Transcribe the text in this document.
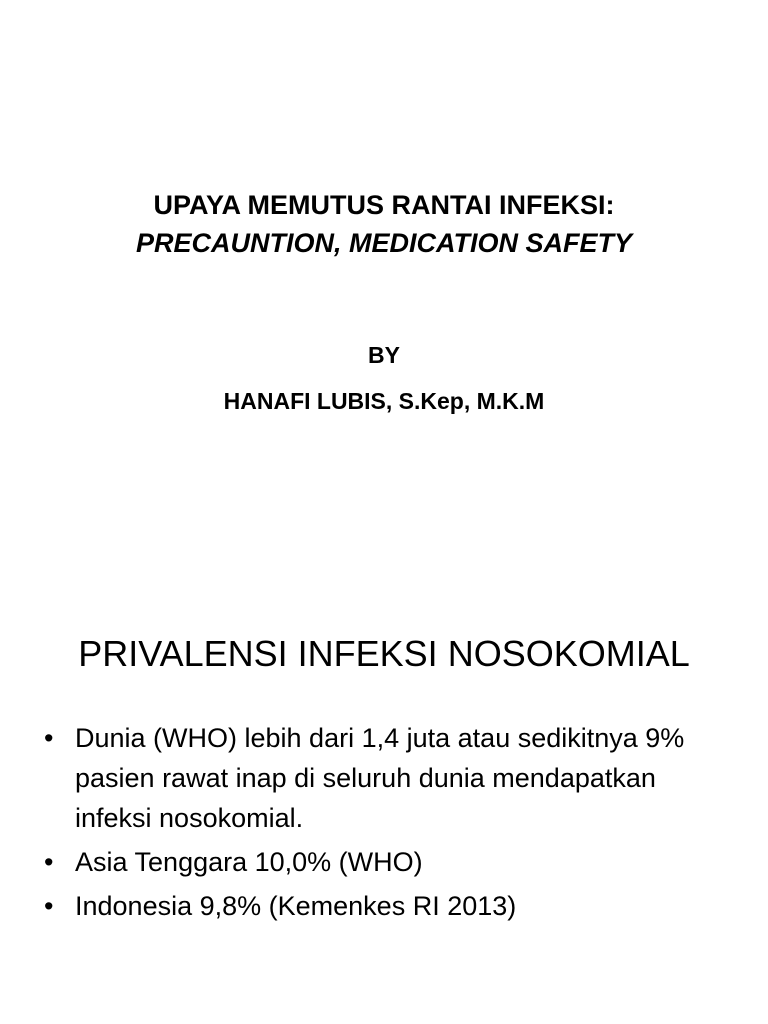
UPAYA MEMUTUS RANTAI INFEKSI:

PRECAUNTION, MEDICATION SAFETY

BY

HANAFI LUBIS, S.Kep, M.K.M

PRIVALENSI INFEKSI NOSOKOMIAL
• Dunia (WHO) lebih dari 1,4 juta atau sedikitnya 9% pasien rawat inap di seluruh dunia mendapatkan infeksi nosokomial.
• Asia Tenggara 10,0% (WHO)
• Indonesia 9,8% (Kemenkes RI 2013)
